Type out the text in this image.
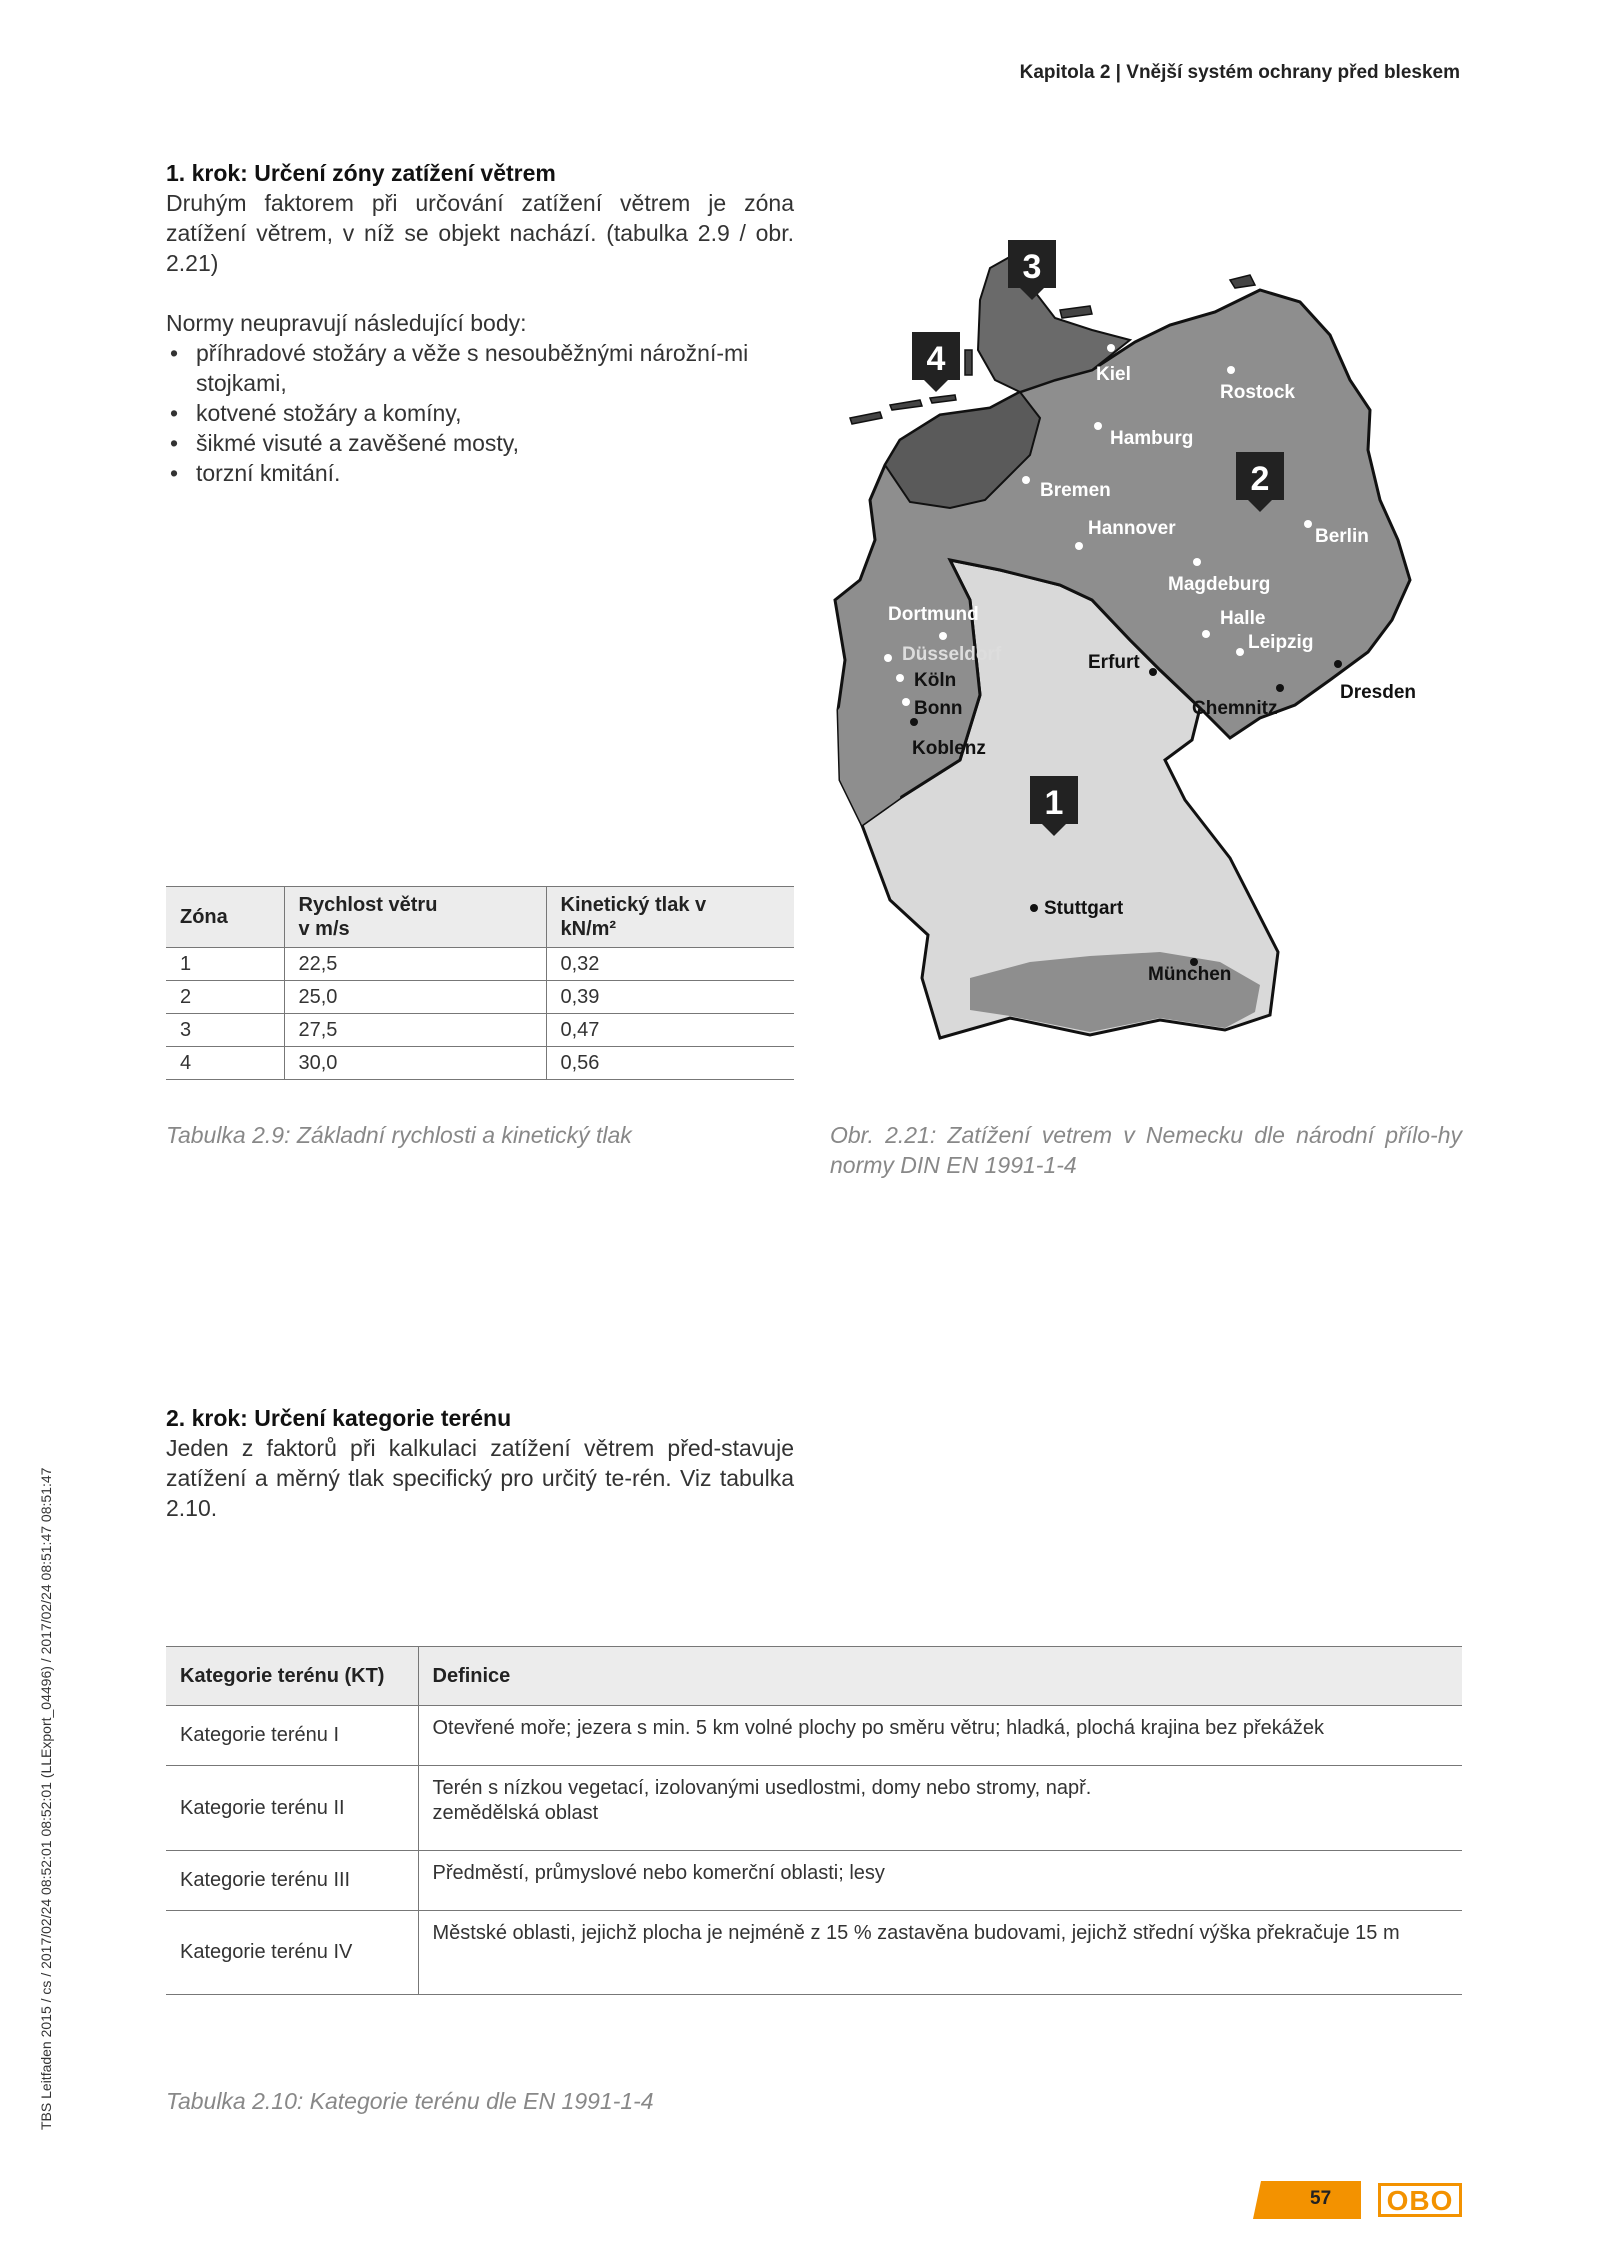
Kapitola 2 | Vnější systém ochrany před bleskem
TBS Leitfaden 2015 / cs / 2017/02/24 08:52:01 08:52:01 (LLExport_04496) / 2017/02/24 08:51:47 08:51:47
1. krok: Určení zóny zatížení větrem

Druhým faktorem při určování zatížení větrem je zóna zatížení větrem, v níž se objekt nachází. (tabulka 2.9 / obr. 2.21)

Normy neupravují následující body:

• příhradové stožáry a věže s nesouběžnými nárožní-mi stojkami,
• kotvené stožáry a komíny,
• šikmé visuté a zavěšené mosty,
• torzní kmitání.
Zóna	Rychlost větru v m/s	Kinetický tlak v kN/m²

1	22,5	0,32
2	25,0	0,39
3	27,5	0,47
4	30,0	0,56
Tabulka 2.9: Základní rychlosti a kinetický tlak
3
4
2
1
Kiel
Rostock
Hamburg
Bremen
Hannover	Berlin
Magdeburg
Dortmund	Halle
Leipzig
Düsseldorf	Erfurt
Köln
Dresden
Bonn	Chemnitz
Koblenz
Stuttgart
München
Obr. 2.21: Zatížení vetrem v Nemecku dle národní přílo-hy normy DIN EN 1991-1-4
2. krok: Určení kategorie terénu

Jeden z faktorů při kalkulaci zatížení větrem před-stavuje zatížení a měrný tlak specifický pro určitý te-rén. Viz tabulka 2.10.

Kategorie terénu (KT)	Definice
Kategorie terénu I	Otevřené moře; jezera s min. 5 km volné plochy po směru větru; hladká, plochá krajina bez překážek
Kategorie terénu II	Terén s nízkou vegetací, izolovanými usedlostmi, domy nebo stromy, např. zemědělská oblast

Kategorie terénu III	Předměstí, průmyslové nebo komerční oblasti; lesy
Kategorie terénu IV	Městské oblasti, jejichž plocha je nejméně z 15 % zastavěna budovami, jejichž střední výška překračuje 15 m
Tabulka 2.10: Kategorie terénu dle EN 1991-1-4
57 OBO
